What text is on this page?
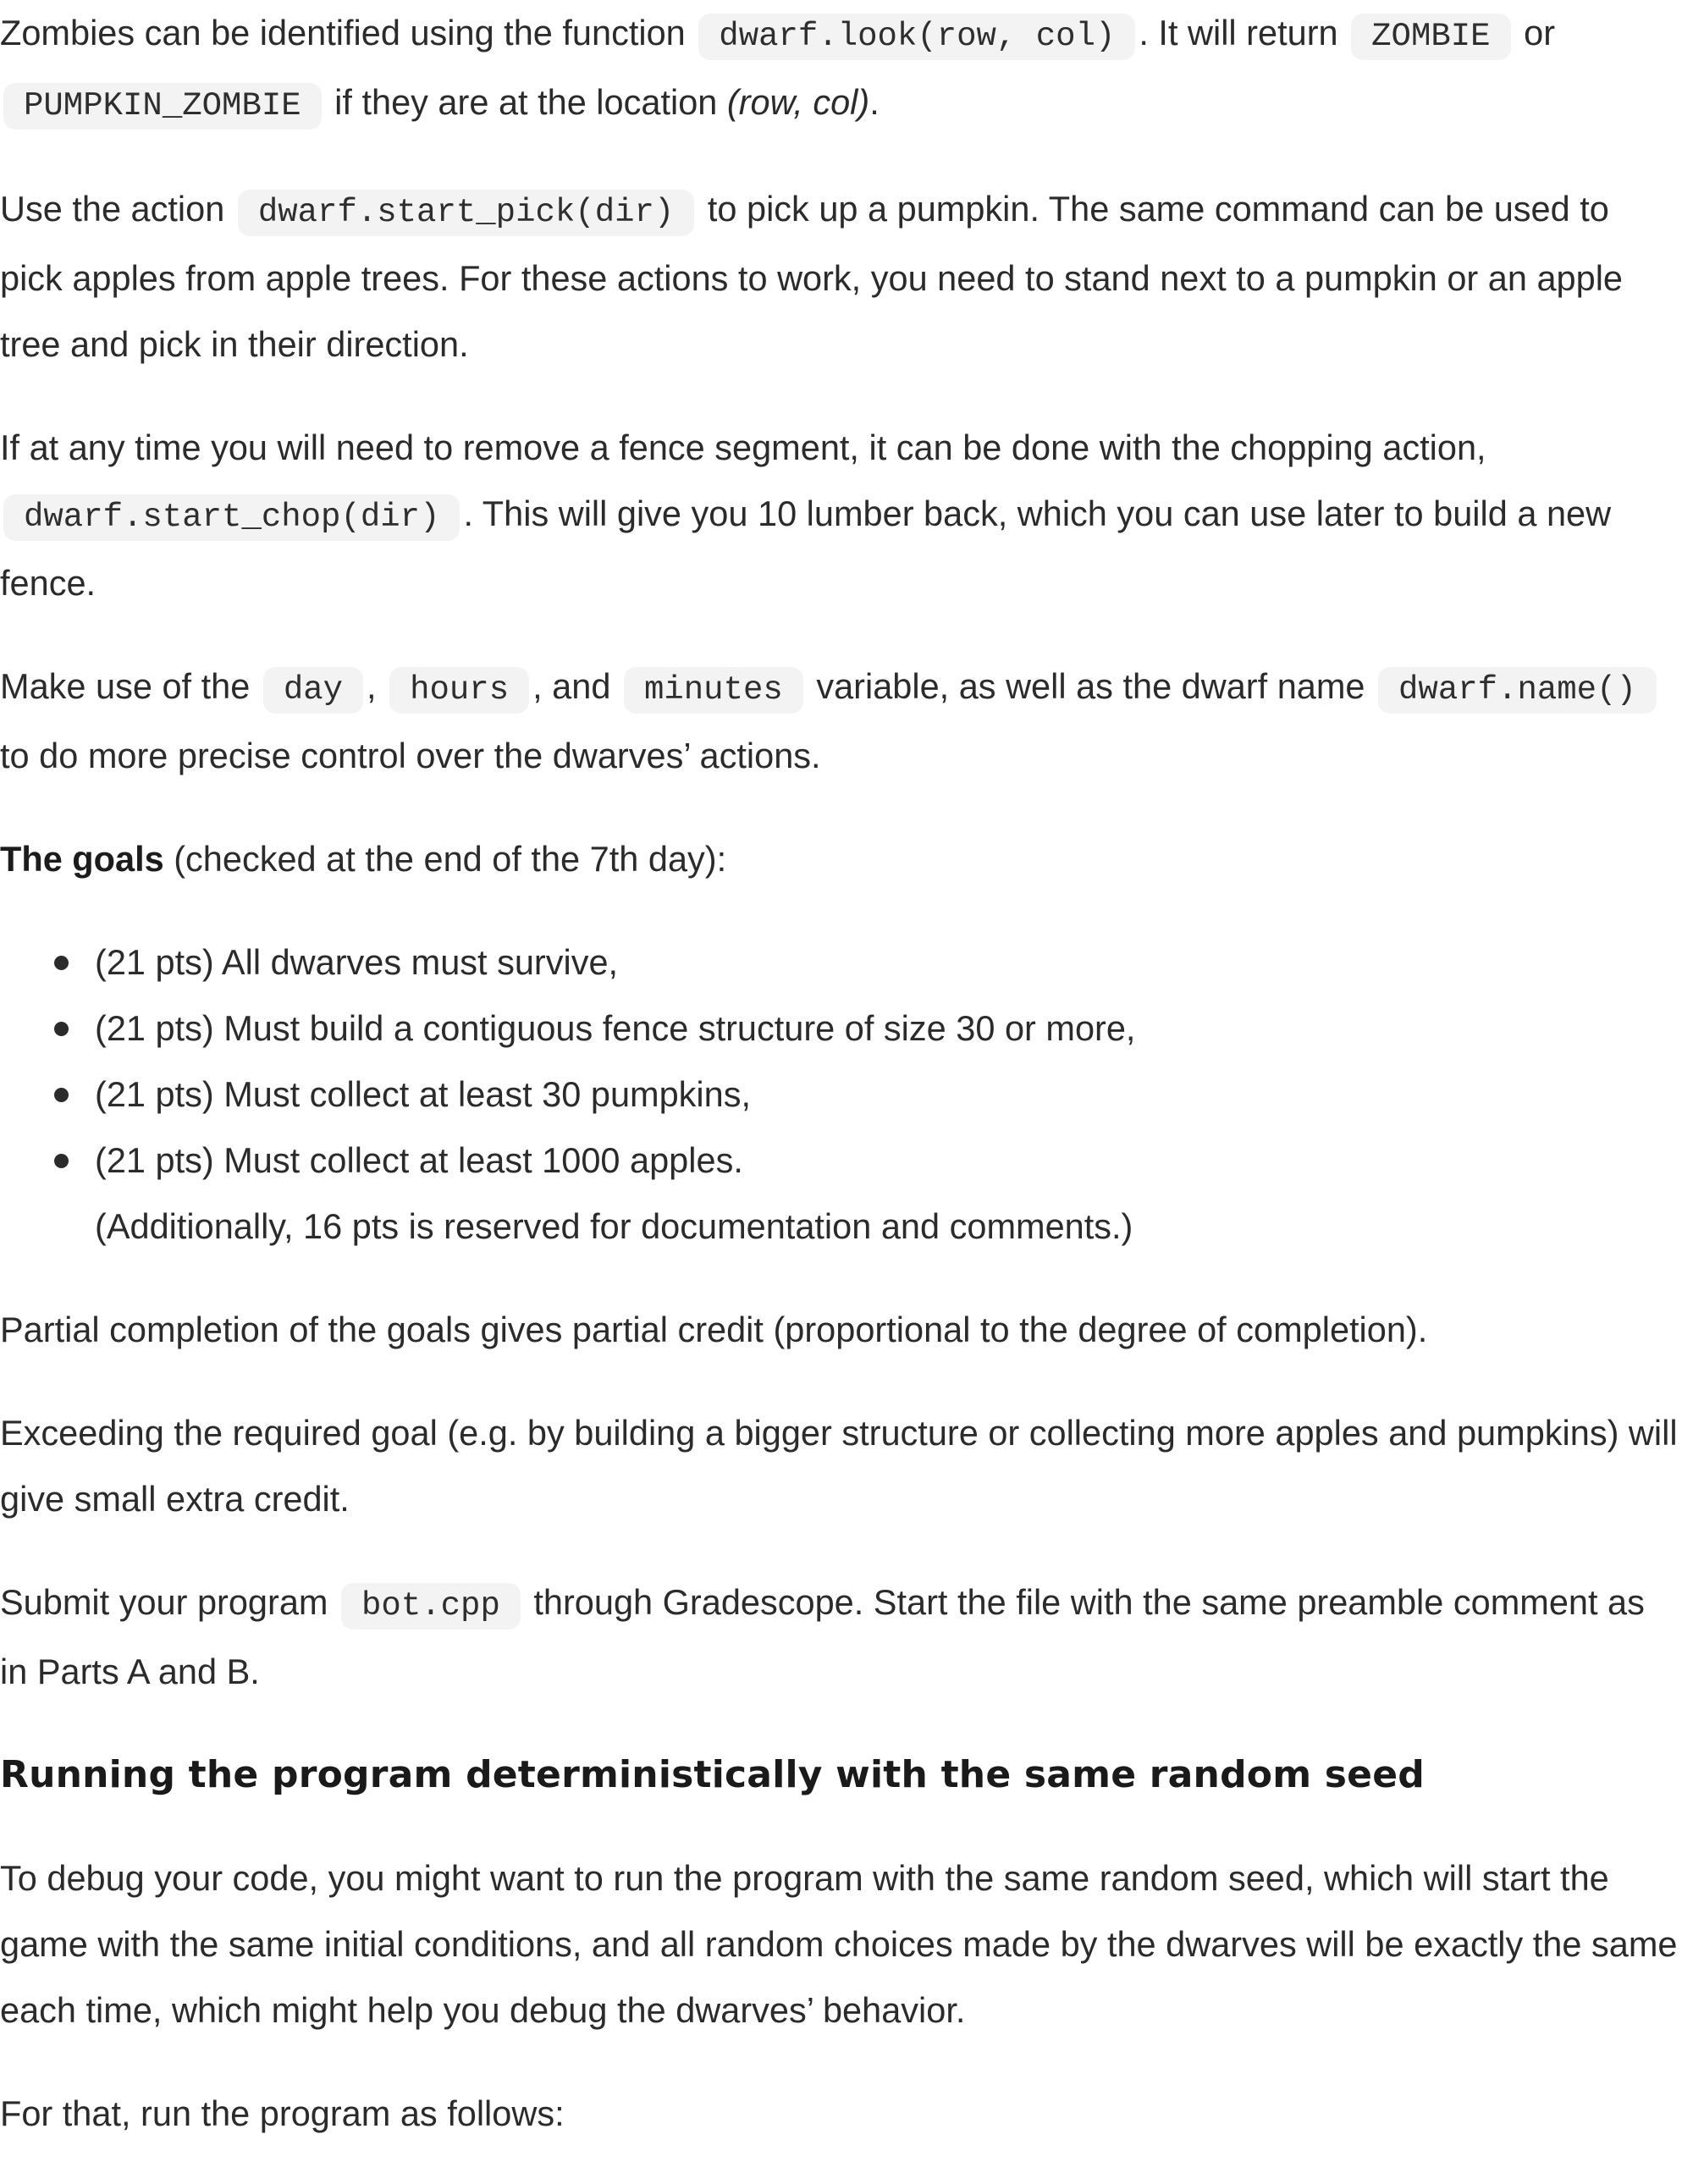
Zombies can be identified using the function dwarf.look(row, col) . It will return ZOMBIE or PUMPKIN_ZOMBIE if they are at the location (row, col).

Use the action dwarf.start_pick(dir) to pick up a pumpkin. The same command can be used to pick apples from apple trees. For these actions to work, you need to stand next to a pumpkin or an apple tree and pick in their direction.

If at any time you will need to remove a fence segment, it can be done with the chopping action, dwarf.start_chop(dir) . This will give you 10 lumber back, which you can use later to build a new fence.

Make use of the day , hours , and minutes variable, as well as the dwarf name dwarf.name() to do more precise control over the dwarves’ actions.

The goals (checked at the end of the 7th day):

(21 pts) All dwarves must survive,
(21 pts) Must build a contiguous fence structure of size 30 or more,
(21 pts) Must collect at least 30 pumpkins,
(21 pts) Must collect at least 1000 apples.
(Additionally, 16 pts is reserved for documentation and comments.)

Partial completion of the goals gives partial credit (proportional to the degree of completion).

Exceeding the required goal (e.g. by building a bigger structure or collecting more apples and pumpkins) will give small extra credit.

Submit your program bot.cpp through Gradescope. Start the file with the same preamble comment as in Parts A and B.

Running the program deterministically with the same random seed

To debug your code, you might want to run the program with the same random seed, which will start the game with the same initial conditions, and all random choices made by the dwarves will be exactly the same each time, which might help you debug the dwarves’ behavior.

For that, run the program as follows:
